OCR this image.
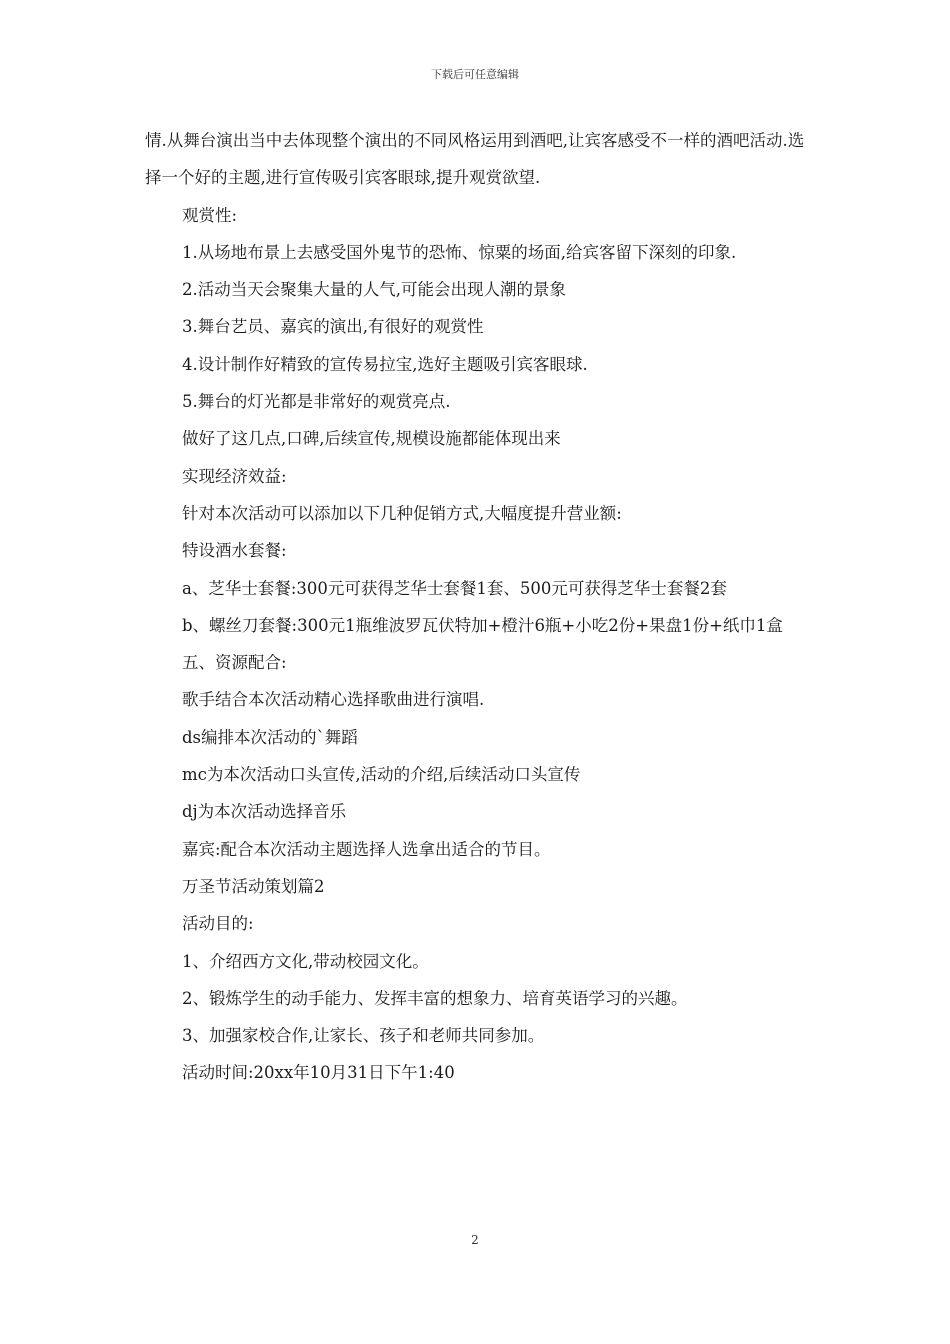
下载后可任意编辑

情.从舞台演出当中去体现整个演出的不同风格运用到酒吧,让宾客感受不一样的酒吧活动.选择一个好的主题,进行宣传吸引宾客眼球,提升观赏欲望.

观赏性:

1.从场地布景上去感受国外鬼节的恐怖、惊粟的场面,给宾客留下深刻的印象.

2.活动当天会聚集大量的人气,可能会出现人潮的景象

3.舞台艺员、嘉宾的演出,有很好的观赏性

4.设计制作好精致的宣传易拉宝,选好主题吸引宾客眼球.

5.舞台的灯光都是非常好的观赏亮点.

做好了这几点,口碑,后续宣传,规模设施都能体现出来

实现经济效益:

针对本次活动可以添加以下几种促销方式,大幅度提升营业额:

特设酒水套餐:

a、芝华士套餐:300元可获得芝华士套餐1套、500元可获得芝华士套餐2套

b、螺丝刀套餐:300元1瓶维波罗瓦伏特加+橙汁6瓶+小吃2份+果盘1份+纸巾1盒

五、资源配合:

歌手结合本次活动精心选择歌曲进行演唱.

ds编排本次活动的`舞蹈

mc为本次活动口头宣传,活动的介绍,后续活动口头宣传

dj为本次活动选择音乐

嘉宾:配合本次活动主题选择人选拿出适合的节目。

万圣节活动策划篇2

活动目的:

1、介绍西方文化,带动校园文化。

2、锻炼学生的动手能力、发挥丰富的想象力、培育英语学习的兴趣。

3、加强家校合作,让家长、孩子和老师共同参加。

活动时间:20xx年10月31日下午1:40

2
